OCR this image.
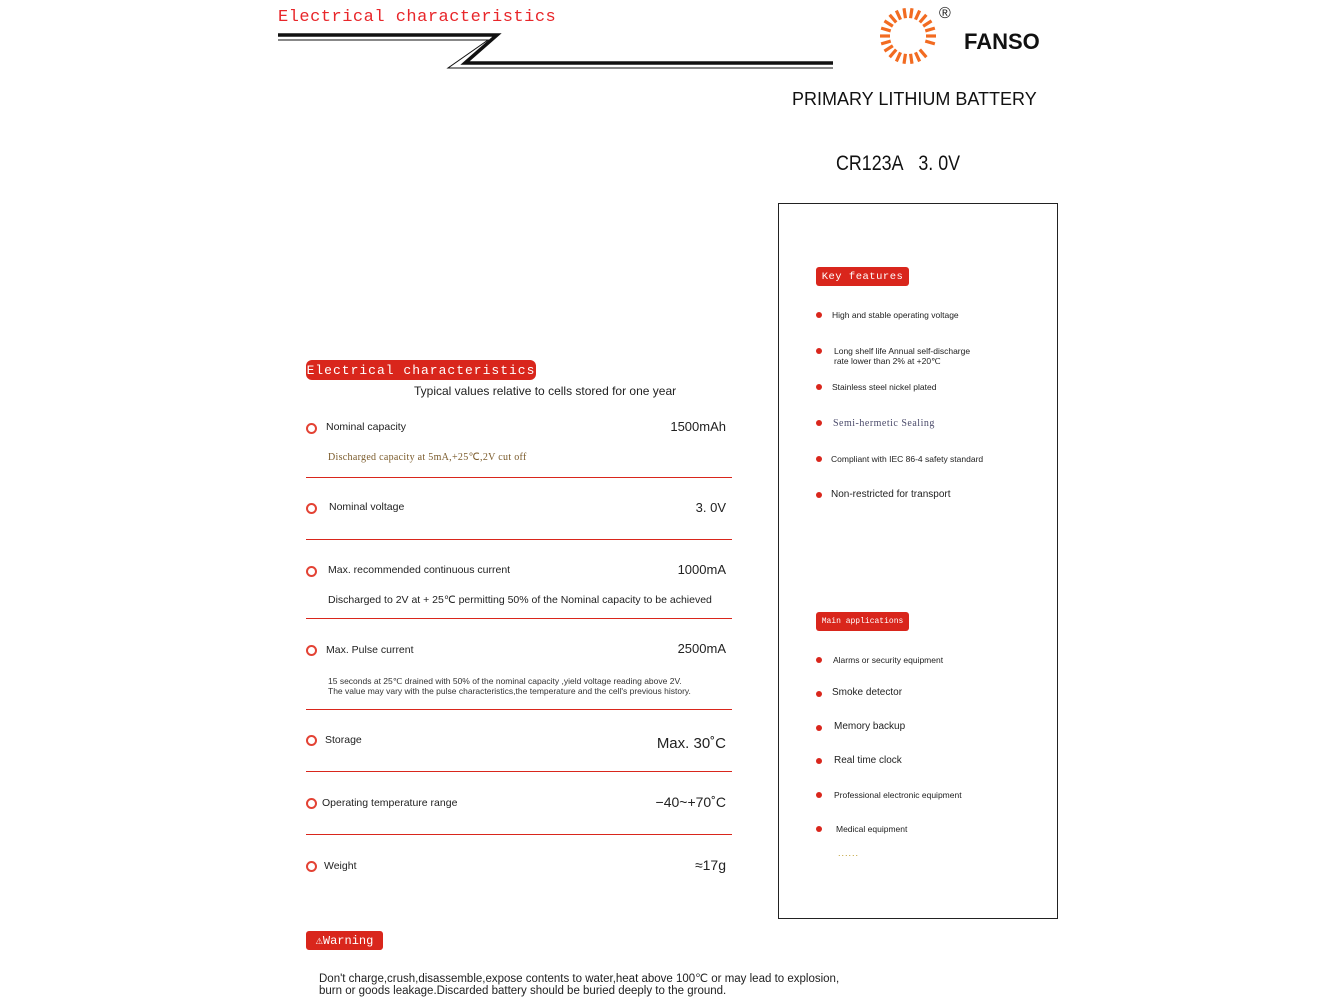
Electrical characteristics	®
FANSO
PRIMARY LITHIUM BATTERY
CR123A 3. 0V
Electrical characteristics
Typical values relative to cells stored for one year
Nominal capacity	1500mAh
Discharged capacity at 5mA,+25℃,2V cut off
Nominal voltage	3. 0V
Max. recommended continuous current	1000mA
Discharged to 2V at + 25℃ permitting 50% of the Nominal capacity to be achieved
Max. Pulse current	2500mA
15 seconds at 25℃ drained with 50% of the nominal capacity ,yield voltage reading above 2V.
The value may vary with the pulse characteristics,the temperature and the cell's previous history.
Storage	Max. 30˚C
Operating temperature range	−40~+70˚C
Weight	≈17g
Key features
High and stable operating voltage
Long shelf life Annual self-discharge
rate lower than 2% at +20℃
Stainless steel nickel plated
Semi-hermetic Sealing
Compliant with IEC 86-4 safety standard
Non-restricted for transport
Main applications
Alarms or security equipment
Smoke detector
Memory backup
Real time clock
Professional electronic equipment
Medical equipment
......
⚠Warning
Don't charge,crush,disassemble,expose contents to water,heat above 100℃ or may lead to explosion,
burn or goods leakage.Discarded battery should be buried deeply to the ground.
